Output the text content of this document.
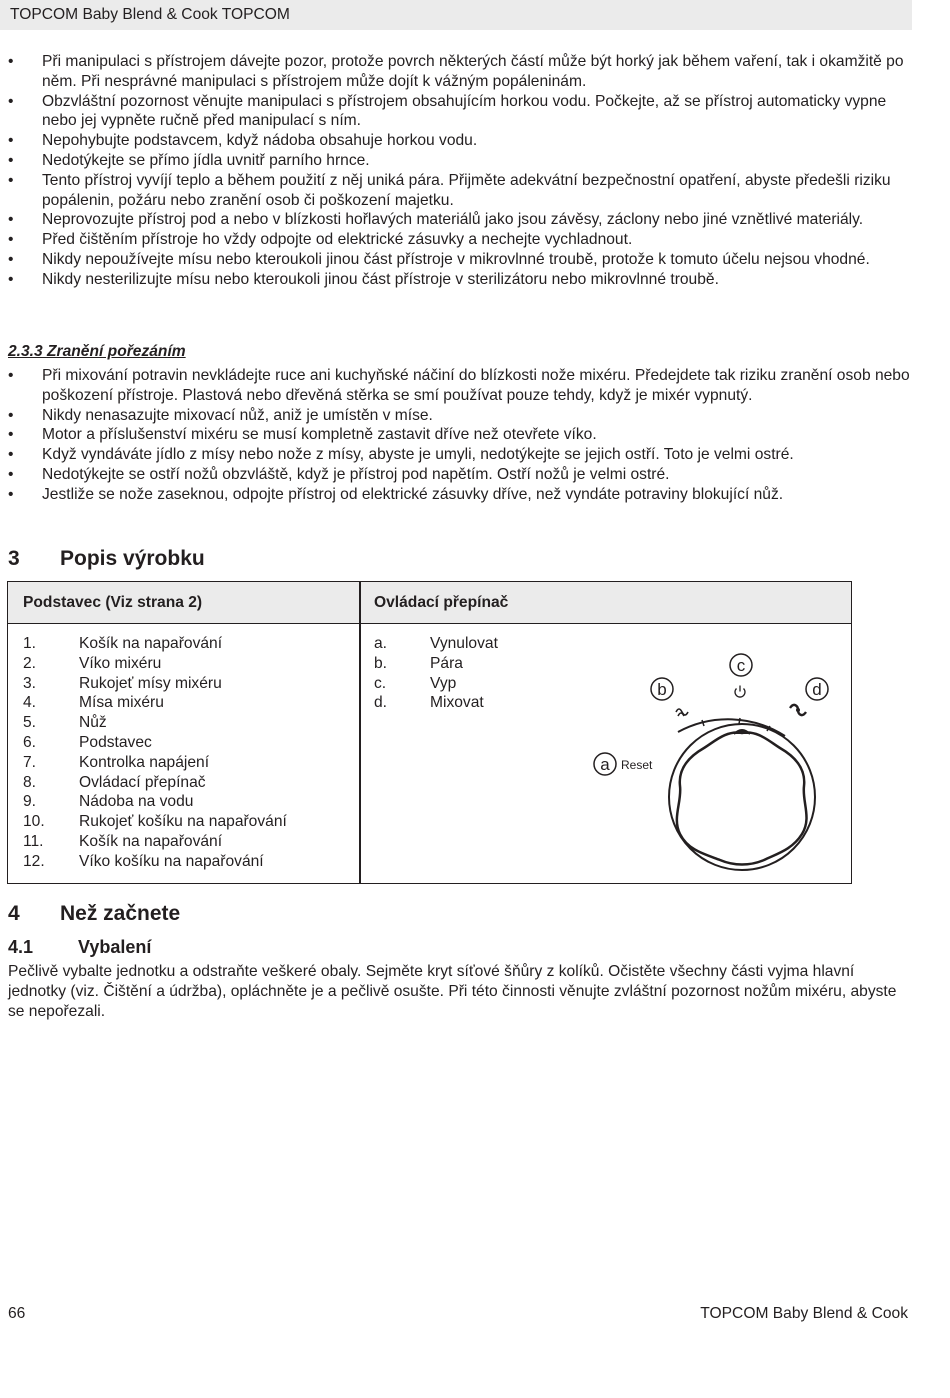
TOPCOM Baby Blend & Cook TOPCOM
• Při manipulaci s přístrojem dávejte pozor, protože povrch některých částí může být horký jak během vaření, tak i okamžitě po něm. Při nesprávné manipulaci s přístrojem může dojít k vážným popáleninám.
• Obzvláštní pozornost věnujte manipulaci s přístrojem obsahujícím horkou vodu. Počkejte, až se přístroj automaticky vypne nebo jej vypněte ručně před manipulací s ním.
• Nepohybujte podstavcem, když nádoba obsahuje horkou vodu.
• Nedotýkejte se přímo jídla uvnitř parního hrnce.
• Tento přístroj vyvíjí teplo a během použití z něj uniká pára. Přijměte adekvátní bezpečnostní opatření, abyste předešli riziku popálenin, požáru nebo zranění osob či poškození majetku.
• Neprovozujte přístroj pod a nebo v blízkosti hořlavých materiálů jako jsou závěsy, záclony nebo jiné vznětlivé materiály.
• Před čištěním přístroje ho vždy odpojte od elektrické zásuvky a nechejte vychladnout.
• Nikdy nepoužívejte mísu nebo kteroukoli jinou část přístroje v mikrovlnné troubě, protože k tomuto účelu nejsou vhodné.
• Nikdy nesterilizujte mísu nebo kteroukoli jinou část přístroje v sterilizátoru nebo mikrovlnné troubě.
2.3.3 Zranění pořezáním
• Při mixování potravin nevkládejte ruce ani kuchyňské náčiní do blízkosti nože mixéru. Předejdete tak riziku zranění osob nebo poškození přístroje. Plastová nebo dřevěná stěrka se smí používat pouze tehdy, když je mixér vypnutý.
• Nikdy nenasazujte mixovací nůž, aniž je umístěn v míse.
• Motor a příslušenství mixéru se musí kompletně zastavit dříve než otevřete víko.
• Když vyndáváte jídlo z mísy nebo nože z mísy, abyste je umyli, nedotýkejte se jejich ostří. Toto je velmi ostré.
• Nedotýkejte se ostří nožů obzvláště, když je přístroj pod napětím. Ostří nožů je velmi ostré.
• Jestliže se nože zaseknou, odpojte přístroj od elektrické zásuvky dříve, než vyndáte potraviny blokující nůž.
3 Popis výrobku
Podstavec (Viz strana 2)	Ovládací přepínač
1.	Košík na napařování
2.	Víko mixéru
3.	Rukojeť mísy mixéru
4.	Mísa mixéru
5.	Nůž
6.	Podstavec
7.	Kontrolka napájení
8.	Ovládací přepínač
9.	Nádoba na vodu
10. Rukojeť košíku na napařování
11. Košík na napařování
12. Víko košíku na napařování
a.	Vynulovat
b.	Pára
c.	Vyp
d.	Mixovat
a Reset
b
c
d
4 Než začnete
4.1 Vybalení
Pečlivě vybalte jednotku a odstraňte veškeré obaly. Sejměte kryt síťové šňůry z kolíků. Očistěte všechny části vyjma hlavní jednotky (viz. Čištění a údržba), opláchněte je a pečlivě osušte. Při této činnosti věnujte zvláštní pozornost nožům mixéru, abyste se nepořezali.
66	TOPCOM Baby Blend & Cook
